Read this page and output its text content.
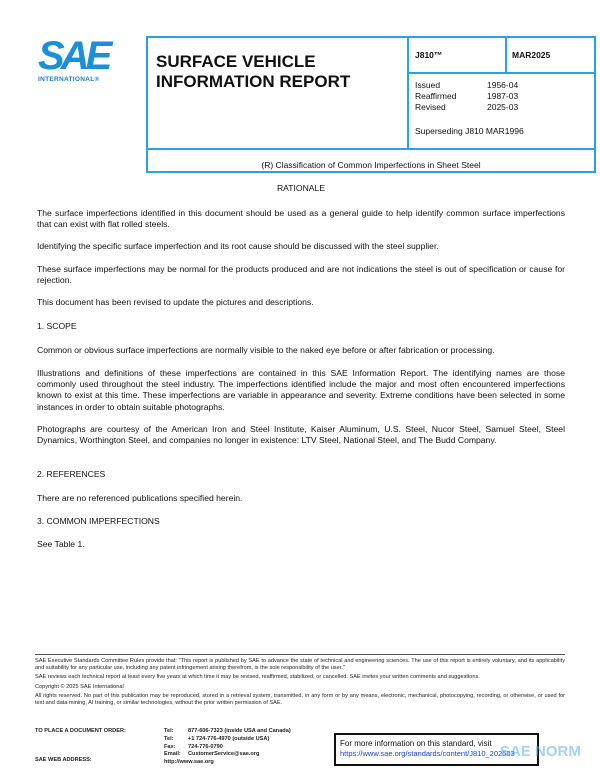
SAE
INTERNATIONAL®
SURFACE VEHICLE
INFORMATION REPORT
J810™	MAR2025
Issued	1956-04
Reaffirmed	1987-03
Revised	2025-03
Superseding J810 MAR1996
(R) Classification of Common Imperfections in Sheet Steel

RATIONALE

The surface imperfections identified in this document should be used as a general guide to help identify common surface imperfections that can exist with flat rolled steels.

Identifying the specific surface imperfection and its root cause should be discussed with the steel supplier.

These surface imperfections may be normal for the products produced and are not indications the steel is out of specification or cause for rejection.

This document has been revised to update the pictures and descriptions.

1. SCOPE

Common or obvious surface imperfections are normally visible to the naked eye before or after fabrication or processing.

Illustrations and definitions of these imperfections are contained in this SAE Information Report. The identifying names are those commonly used throughout the steel industry. The imperfections identified include the major and most often encountered imperfections known to exist at this time. These imperfections are variable in appearance and severity. Extreme conditions have been selected in some instances in order to obtain suitable photographs.

Photographs are courtesy of the American Iron and Steel Institute, Kaiser Aluminum, U.S. Steel, Nucor Steel, Samuel Steel, Steel Dynamics, Worthington Steel, and companies no longer in existence: LTV Steel, National Steel, and The Budd Company.

2. REFERENCES

There are no referenced publications specified herein.

3. COMMON IMPERFECTIONS

See Table 1.

SAE Executive Standards Committee Rules provide that: "This report is published by SAE to advance the state of technical and engineering sciences. The use of this report is entirely voluntary, and its applicability and suitability for any particular use, including any patent infringement arising therefrom, is the sole responsibility of the user."
SAE reviews each technical report at least every five years at which time it may be revised, reaffirmed, stabilized, or cancelled. SAE invites your written comments and suggestions.
Copyright © 2025 SAE International
All rights reserved. No part of this publication may be reproduced, stored in a retrieval system, transmitted, in any form or by any means, electronic, mechanical, photocopying, recording, or otherwise, or used for text and data mining, AI training, or similar technologies, without the prior written permission of SAE.
TO PLACE A DOCUMENT ORDER:
SAE WEB ADDRESS:
Tel:	877-606-7323 (inside USA and Canada)
Tel:	+1 724-776-4970 (outside USA)
Fax: 724-776-0790
Email: CustomerService@sae.org
http://www.sae.org
For more information on this standard, visit
https://www.sae.org/standards/content/J810_202503
SAE NORM
